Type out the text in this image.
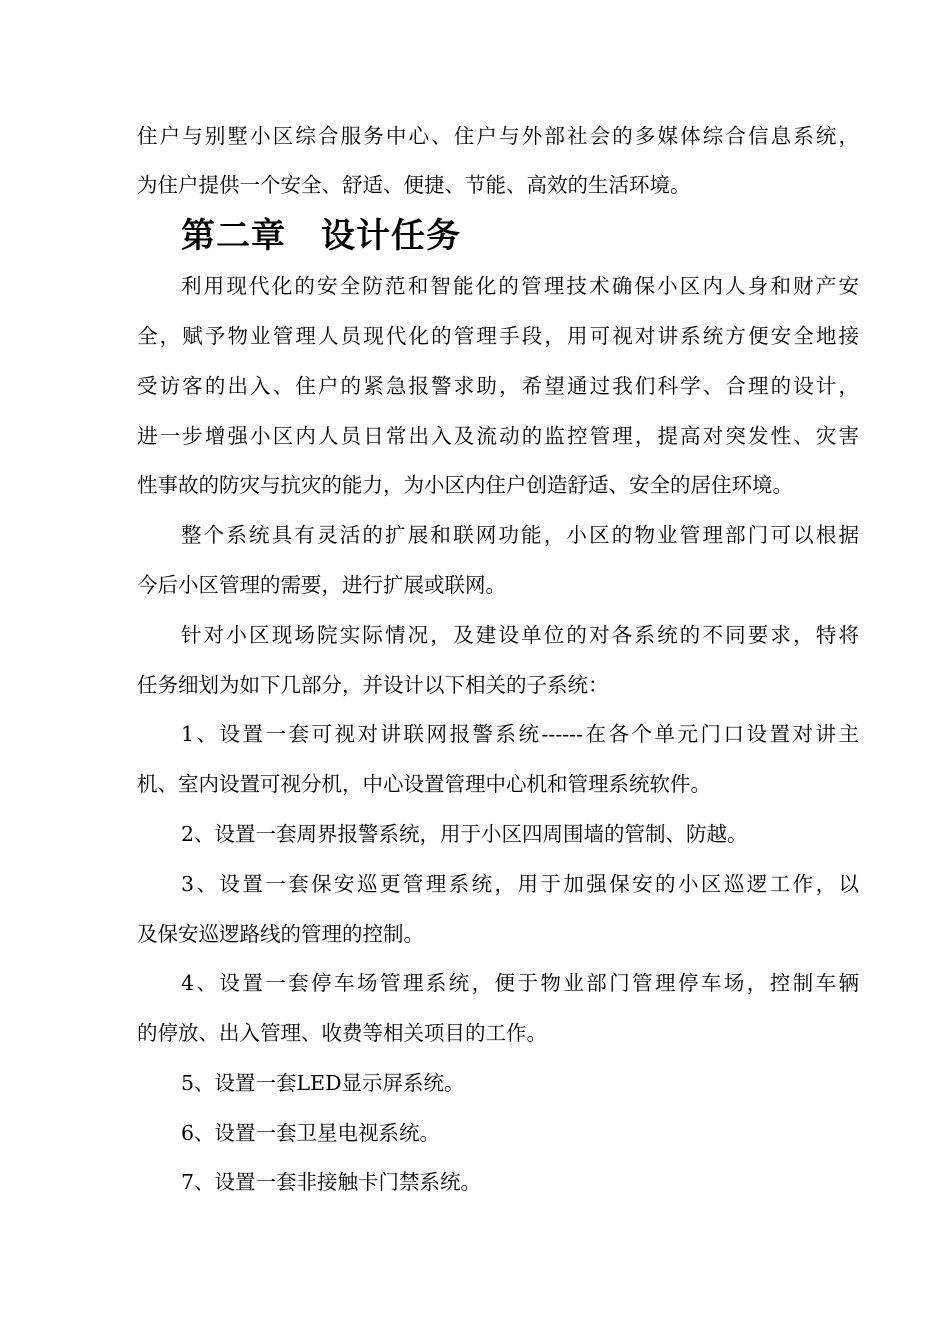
住户与别墅小区综合服务中心、住户与外部社会的多媒体综合信息系统，
为住户提供一个安全、舒适、便捷、节能、高效的生活环境。
第二章　设计任务
利用现代化的安全防范和智能化的管理技术确保小区内人身和财产安
全，赋予物业管理人员现代化的管理手段，用可视对讲系统方便安全地接
受访客的出入、住户的紧急报警求助，希望通过我们科学、合理的设计，
进一步增强小区内人员日常出入及流动的监控管理，提高对突发性、灾害
性事故的防灾与抗灾的能力，为小区内住户创造舒适、安全的居住环境。
整个系统具有灵活的扩展和联网功能，小区的物业管理部门可以根据
今后小区管理的需要，进行扩展或联网。
针对小区现场院实际情况，及建设单位的对各系统的不同要求，特将
任务细划为如下几部分，并设计以下相关的子系统：
1、设置一套可视对讲联网报警系统------在各个单元门口设置对讲主
机、室内设置可视分机，中心设置管理中心机和管理系统软件。
2、设置一套周界报警系统，用于小区四周围墙的管制、防越。
3、设置一套保安巡更管理系统，用于加强保安的小区巡逻工作，以
及保安巡逻路线的管理的控制。
4、设置一套停车场管理系统，便于物业部门管理停车场，控制车辆
的停放、出入管理、收费等相关项目的工作。
5、设置一套LED显示屏系统。
6、设置一套卫星电视系统。
7、设置一套非接触卡门禁系统。
